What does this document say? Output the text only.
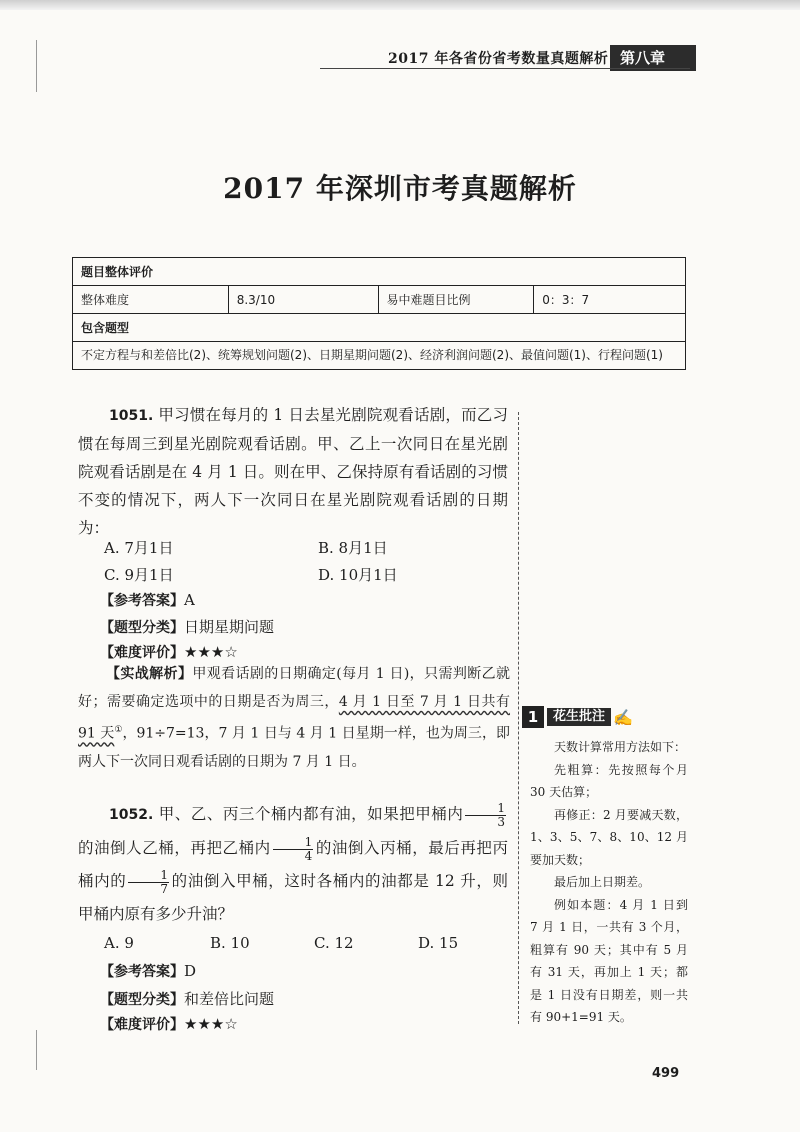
2017 年各省份省考数量真题解析 第八章
2017 年深圳市考真题解析
题目整体评价
整体难度	8.3/10	易中难题目比例	0：3：7
包含题型
不定方程与和差倍比(2)、统筹规划问题(2)、日期星期问题(2)、经济利润问题(2)、最值问题(1)、行程问题(1)
1051. 甲习惯在每月的 1 日去星光剧院观看话剧，而乙习惯在每周三到星光剧院观看话剧。甲、乙上一次同日在星光剧院观看话剧是在 4 月 1 日。则在甲、乙保持原有看话剧的习惯不变的情况下，两人下一次同日在星光剧院观看话剧的日期为：
A. 7月1日	B. 8月1日
C. 9月1日	D. 10月1日
【参考答案】A
【题型分类】日期星期问题
【难度评价】★★★☆
【实战解析】甲观看话剧的日期确定(每月 1 日)，只需判断乙就好；需要确定选项中的日期是否为周三，4 月 1 日至 7 月 1 日共有 91 天①，91÷7=13，7 月 1 日与 4 月 1 日星期一样，也为周三，即两人下一次同日观看话剧的日期为 7 月 1 日。
1052. 甲、乙、丙三个桶内都有油，如果把甲桶内 $\frac{1}{3}$
的油倒人乙桶，再把乙桶内 $\frac{1}{4}$ 的油倒入丙桶，最后再把丙桶内的 $\frac{1}{7}$ 的油倒入甲桶，这时各桶内的油都是 12 升，则甲桶内原有多少升油？
A. 9	B. 10	C. 12	D. 15
【参考答案】D
【题型分类】和差倍比问题
【难度评价】★★★☆
1	花生批注 ✍

天数计算常用方法如下：

先粗算：先按照每个月 30 天估算；

再修正：2 月要减天数，1、3、5、7、8、10、12 月要加天数；

最后加上日期差。

例如本题：4 月 1 日到 7 月 1 日，一共有 3 个月，粗算有 90 天；其中有 5 月有 31 天，再加上 1 天；都是 1 日没有日期差，则一共有 90+1=91 天。

499
